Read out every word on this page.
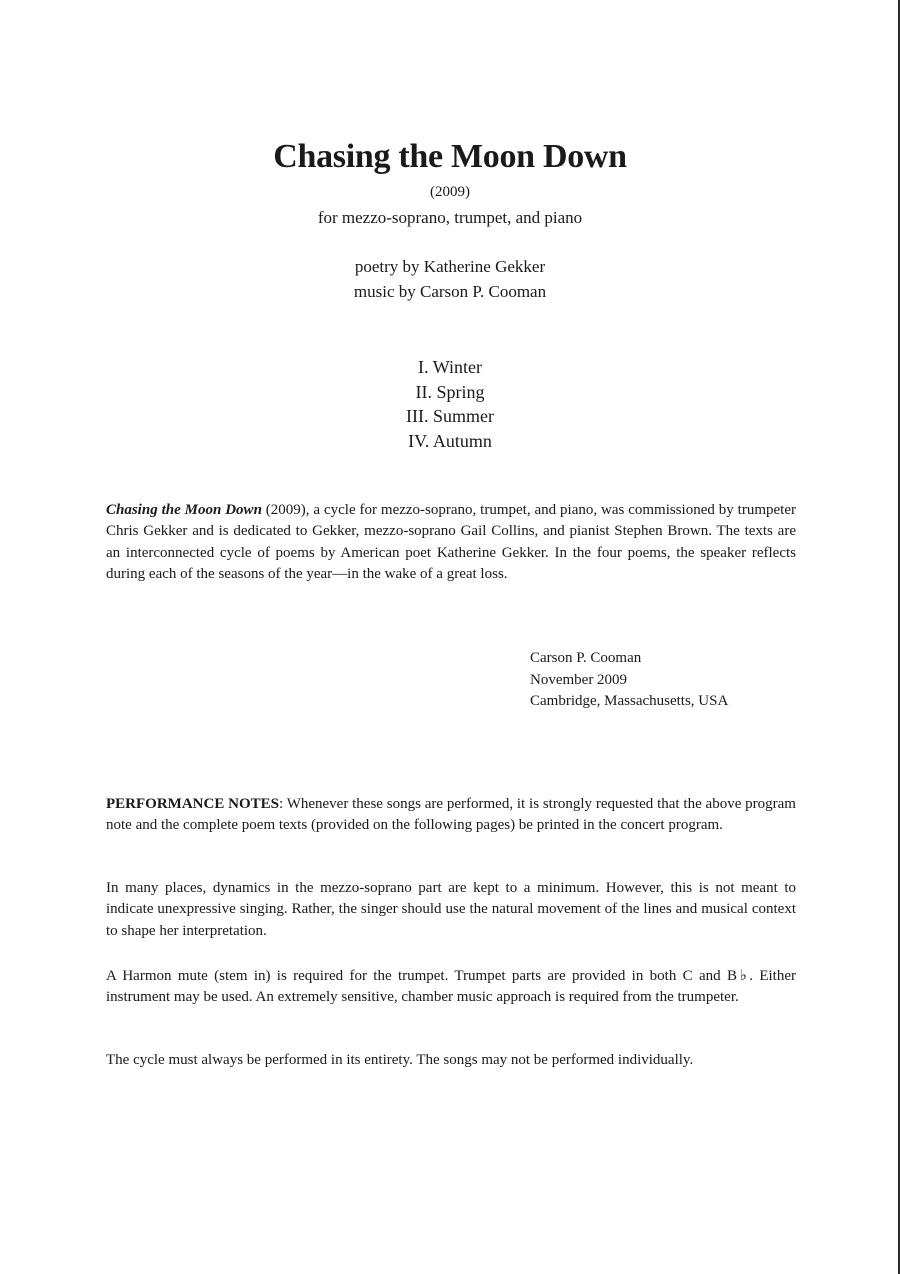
Chasing the Moon Down
(2009)
for mezzo-soprano, trumpet, and piano
poetry by Katherine Gekker
music by Carson P. Cooman
I. Winter
II. Spring
III. Summer
IV. Autumn

Chasing the Moon Down (2009), a cycle for mezzo-soprano, trumpet, and piano, was commissioned by trumpeter Chris Gekker and is dedicated to Gekker, mezzo-soprano Gail Collins, and pianist Stephen Brown. The texts are an interconnected cycle of poems by American poet Katherine Gekker. In the four poems, the speaker reflects during each of the seasons of the year—in the wake of a great loss.

Carson P. Cooman
November 2009
Cambridge, Massachusetts, USA

PERFORMANCE NOTES: Whenever these songs are performed, it is strongly requested that the above program note and the complete poem texts (provided on the following pages) be printed in the concert program.

In many places, dynamics in the mezzo-soprano part are kept to a minimum. However, this is not meant to indicate unexpressive singing. Rather, the singer should use the natural movement of the lines and musical context to shape her interpretation.

A Harmon mute (stem in) is required for the trumpet. Trumpet parts are provided in both C and B♭. Either instrument may be used. An extremely sensitive, chamber music approach is required from the trumpeter.

The cycle must always be performed in its entirety. The songs may not be performed individually.
